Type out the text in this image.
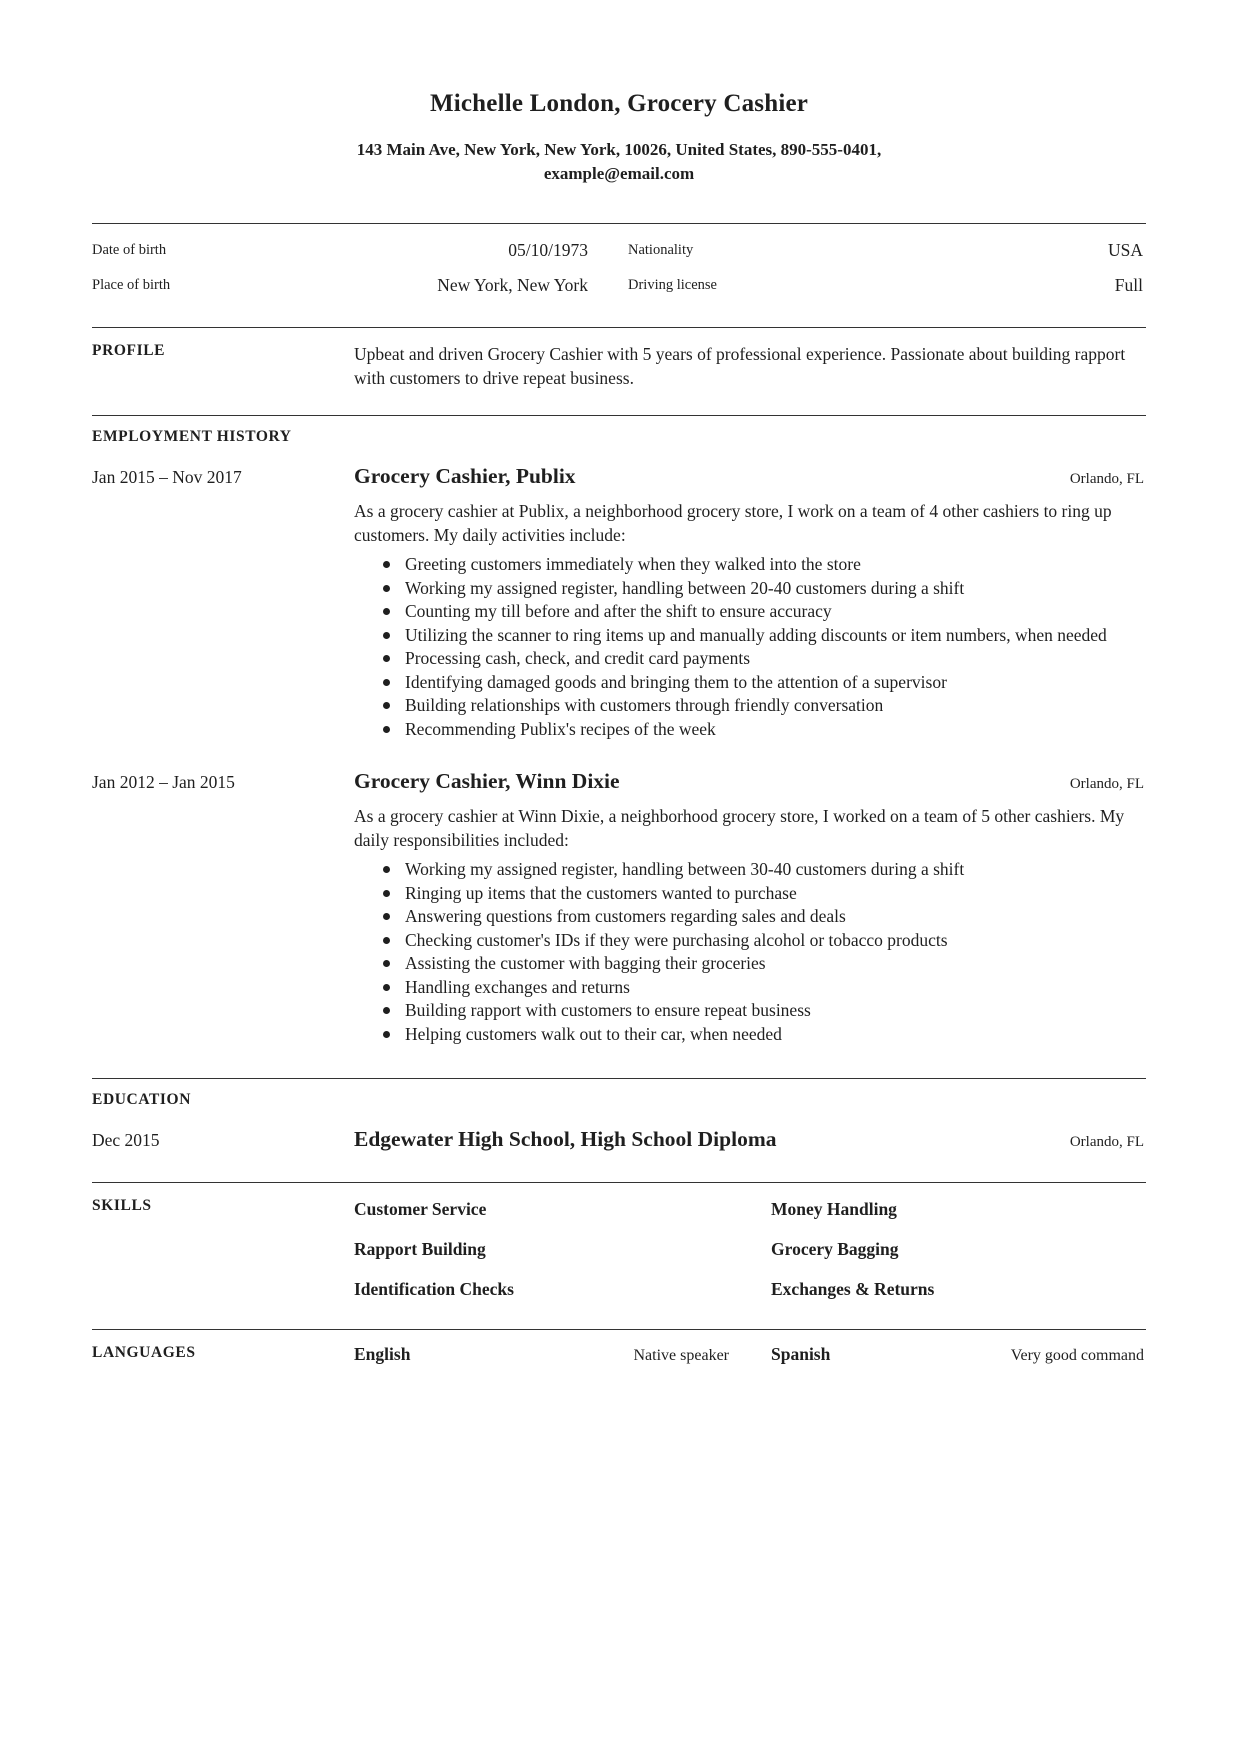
Michelle London, Grocery Cashier
143 Main Ave, New York, New York, 10026, United States, 890-555-0401,
example@email.com
Date of birth	05/10/1973	Nationality	USA
Place of birth	New York, New York	Driving license	Full
PROFILE	Upbeat and driven Grocery Cashier with 5 years of professional experience. Passionate about building rapport with customers to drive repeat business.
EMPLOYMENT HISTORY
Jan 2015 – Nov 2017	Grocery Cashier, Publix	Orlando, FL
As a grocery cashier at Publix, a neighborhood grocery store, I work on a team of 4 other cashiers to ring up customers. My daily activities include:
Greeting customers immediately when they walked into the store
Working my assigned register, handling between 20-40 customers during a shift
Counting my till before and after the shift to ensure accuracy
Utilizing the scanner to ring items up and manually adding discounts or item numbers, when needed
Processing cash, check, and credit card payments
Identifying damaged goods and bringing them to the attention of a supervisor
Building relationships with customers through friendly conversation
Recommending Publix's recipes of the week
Jan 2012 – Jan 2015	Grocery Cashier, Winn Dixie	Orlando, FL
As a grocery cashier at Winn Dixie, a neighborhood grocery store, I worked on a team of 5 other cashiers. My daily responsibilities included:
Working my assigned register, handling between 30-40 customers during a shift
Ringing up items that the customers wanted to purchase
Answering questions from customers regarding sales and deals
Checking customer's IDs if they were purchasing alcohol or tobacco products
Assisting the customer with bagging their groceries
Handling exchanges and returns
Building rapport with customers to ensure repeat business
Helping customers walk out to their car, when needed
EDUCATION
Dec 2015	Edgewater High School, High School Diploma	Orlando, FL
SKILLS	Customer Service	Money Handling
Rapport Building	Grocery Bagging
Identification Checks	Exchanges & Returns
LANGUAGES	English	Native speaker	Spanish	Very good command
